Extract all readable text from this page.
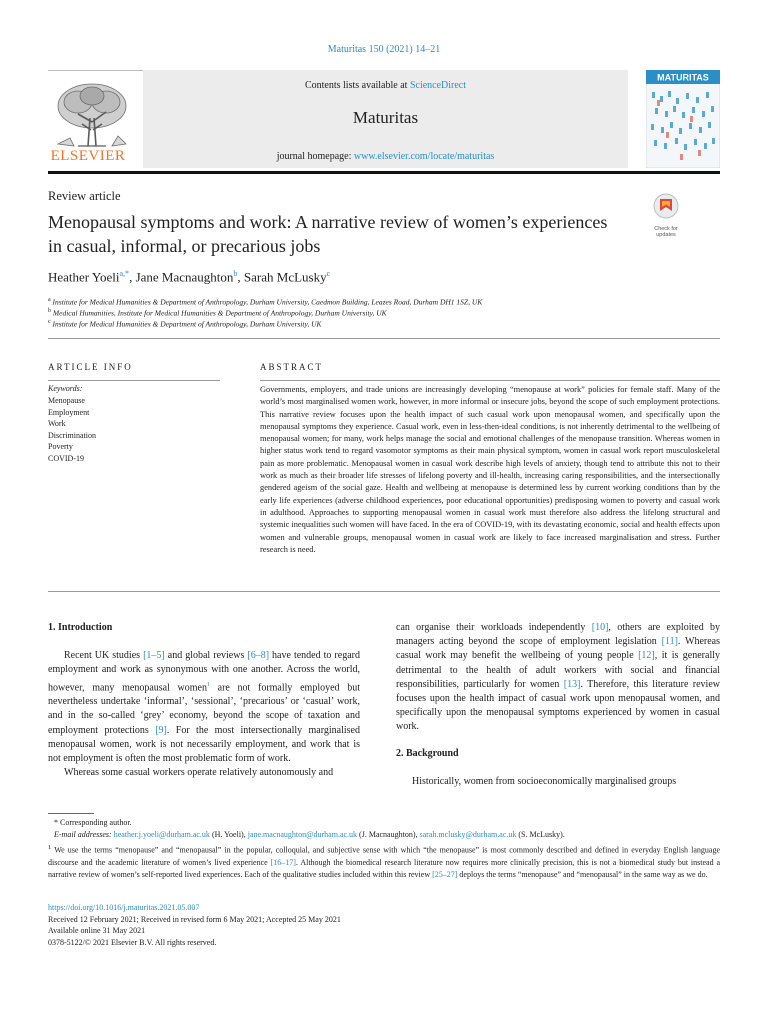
Maturitas 150 (2021) 14–21
Contents lists available at ScienceDirect
Maturitas
journal homepage: www.elsevier.com/locate/maturitas
ELSEVIER
MATURITAS
Review article
Menopausal symptoms and work: A narrative review of women’s experiences in casual, informal, or precarious jobs
Check for updates
Heather Yoeli$^{a,*}$, Jane Macnaughton$^b$, Sarah McLusky$^c$
$^a$ Institute for Medical Humanities & Department of Anthropology, Durham University, Caedmon Building, Leazes Road, Durham DH1 1SZ, UK
$^b$ Medical Humanities, Institute for Medical Humanities & Department of Anthropology, Durham University, UK
$^c$ Institute for Medical Humanities & Department of Anthropology, Durham University, UK
ARTICLE INFO	ABSTRACT
Keywords:
Menopause
Employment
Work
Discrimination
Poverty
COVID-19

Governments, employers, and trade unions are increasingly developing “menopause at work” policies for female staff. Many of the world’s most marginalised women work, however, in more informal or insecure jobs, beyond the scope of such employment protections. This narrative review focuses upon the health impact of such casual work upon menopausal women, and specifically upon the menopausal symptoms they experience. Casual work, even in less-then-ideal conditions, is not inherently detrimental to the wellbeing of menopausal women; for many, work helps manage the social and emotional challenges of the menopause transition. Whereas women in higher status work tend to regard vasomotor symptoms as their main physical symptom, women in casual work report musculoskeletal pain as more problematic. Menopausal women in casual work describe high levels of anxiety, though tend to attribute this not to their work as much as their broader life stresses of lifelong poverty and ill-health, increasing caring responsibilities, and the intersectionally gendered ageism of the social gaze. Health and wellbeing at menopause is determined less by current working conditions than by the early life experiences (adverse childhood experiences, poor educational opportunities) predisposing women to poverty and casual work in adulthood. Approaches to supporting menopausal women in casual work must therefore also address the lifelong structural and systemic inequalities such women will have faced. In the era of COVID-19, with its devastating economic, social and health effects upon women and vulnerable groups, menopausal women in casual work are likely to face increased marginalisation and stress. Further research is need.

1. Introduction

Recent UK studies [1–5] and global reviews [6–8] have tended to regard employment and work as synonymous with one another. Across the world, however, many menopausal women$^1$ are not formally employed but nevertheless undertake ‘informal’, ‘sessional’, ‘precarious’ or ‘casual’ work, and in the so-called ‘grey’ economy, beyond the scope of taxation and employment protections [9]. For the most intersectionally marginalised menopausal women, work is not necessarily employment, and work that is not employment is often the most problematic form of work.

Whereas some casual workers operate relatively autonomously and

can organise their workloads independently [10], others are exploited by managers acting beyond the scope of employment legislation [11]. Whereas casual work may benefit the wellbeing of young people [12], it is generally detrimental to the health of adult workers with social and financial responsibilities, particularly for women [13]. Therefore, this literature review focuses upon the health impact of casual work upon menopausal women, and specifically upon the menopausal symptoms experienced by women in casual work.

2. Background

Historically, women from socioeconomically marginalised groups

* Corresponding author.

E-mail addresses: heather.j.yoeli@durham.ac.uk (H. Yoeli), jane.macnaughton@durham.ac.uk (J. Macnaughton), sarah.mclusky@durham.ac.uk (S. McLusky).

$^1$ We use the terms “menopause” and “menopausal” in the popular, colloquial, and subjective sense with which “the menopause” is most commonly described and defined in everyday English language discourse and the academic literature of women’s lived experience [16–17]. Although the biomedical research literature now requires more clinically precision, this is not a biomedical study but instead a narrative review of women’s self-reported lived experiences. Each of the qualitative studies included within this review [25–27] deploys the terms “menopause” and “menopausal” in the same way as we do.

https://doi.org/10.1016/j.maturitas.2021.05.007
Received 12 February 2021; Received in revised form 6 May 2021; Accepted 25 May 2021
Available online 31 May 2021
0378-5122/© 2021 Elsevier B.V. All rights reserved.
